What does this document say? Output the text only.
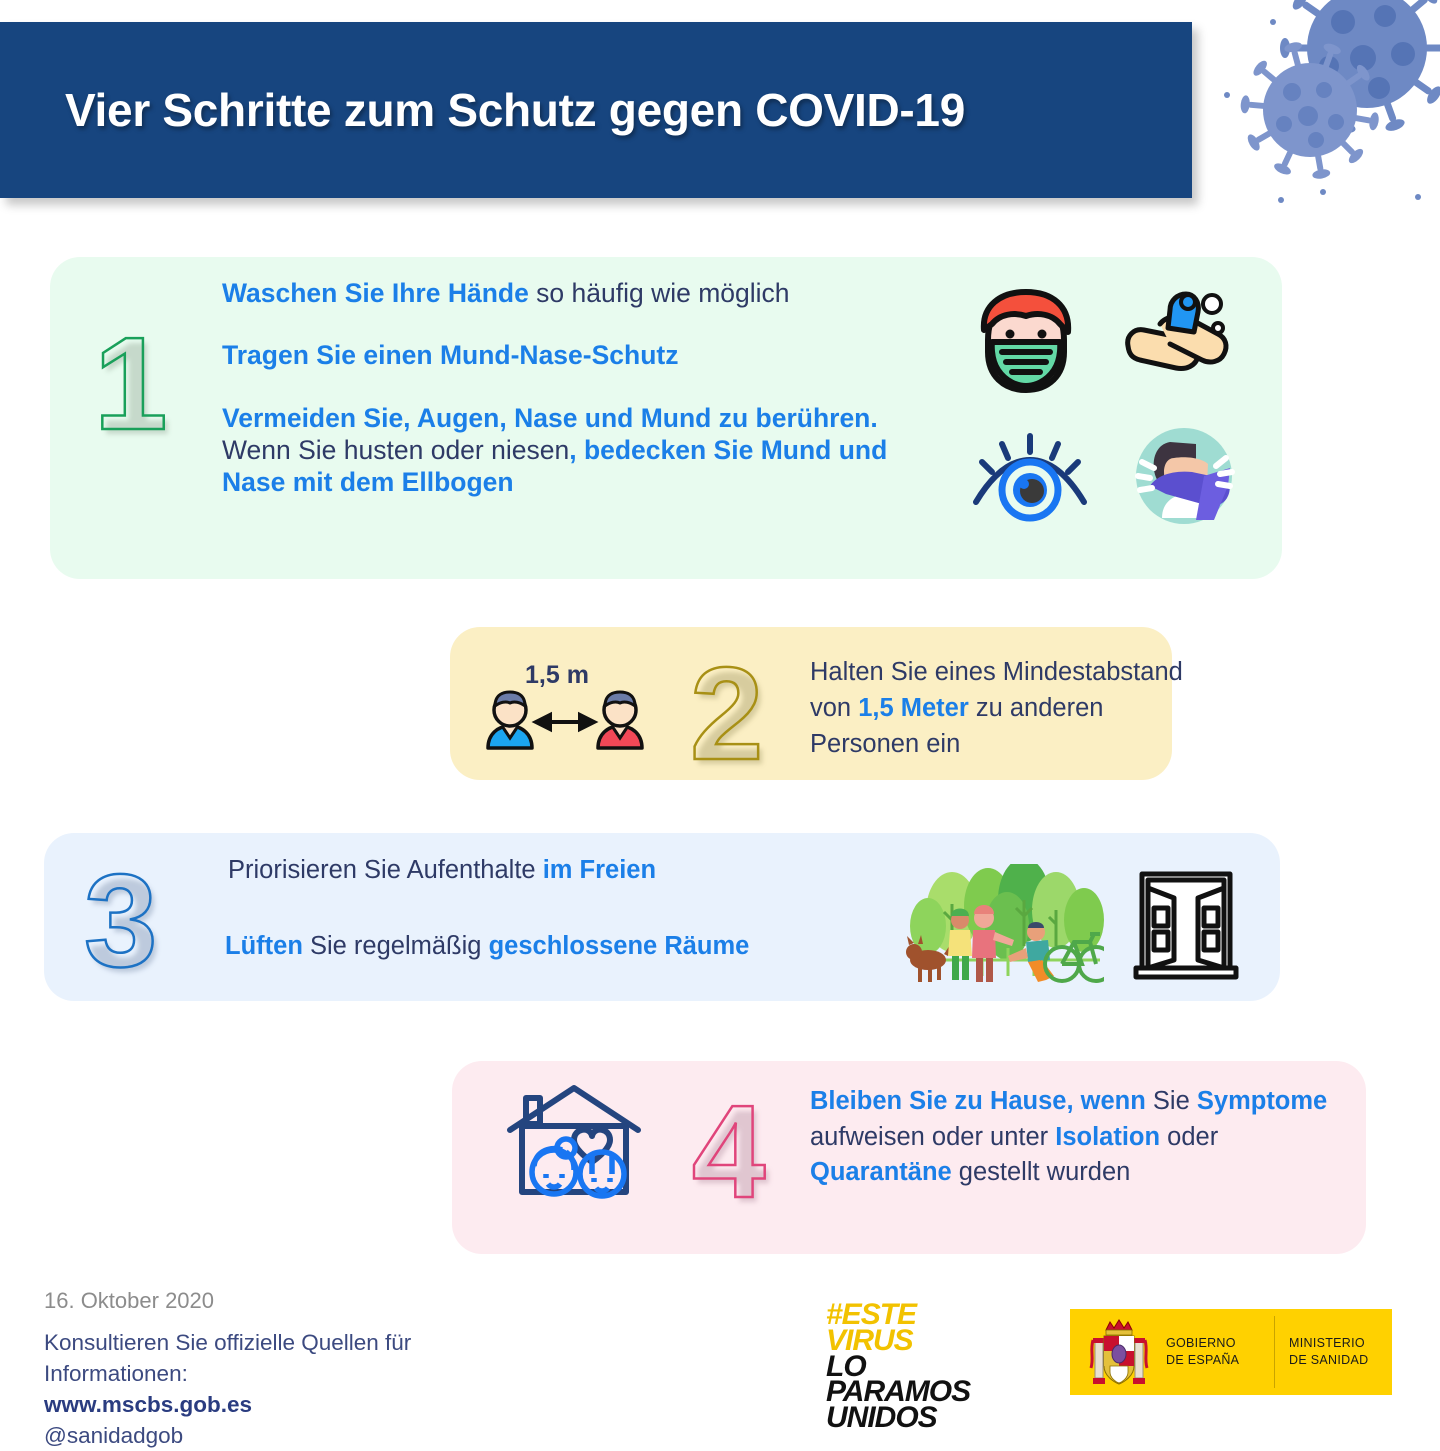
Vier Schritte zum Schutz gegen COVID-19
1
Waschen Sie Ihre Hände so häufig wie möglich
Tragen Sie einen Mund-Nase-Schutz
Vermeiden Sie, Augen, Nase und Mund zu berühren.
Wenn Sie husten oder niesen, bedecken Sie Mund und Nase mit dem Ellbogen
2
1,5 m	Halten Sie eines Mindestabstand von 1,5 Meter zu anderen Personen ein
3	Priorisieren Sie Aufenthalte im Freien
Lüften Sie regelmäßig geschlossene Räume
4 Bleiben Sie zu Hause, wenn Sie Symptome aufweisen oder unter Isolation oder Quarantäne gestellt wurden
16. Oktober 2020
Konsultieren Sie offizielle Quellen für
Informationen:
www.mscbs.gob.es
@sanidadgob
#ESTE
VIRUS
LO
PARAMOS
UNIDOS
GOBIERNO
DE ESPAÑA
MINISTERIO
DE SANIDAD
